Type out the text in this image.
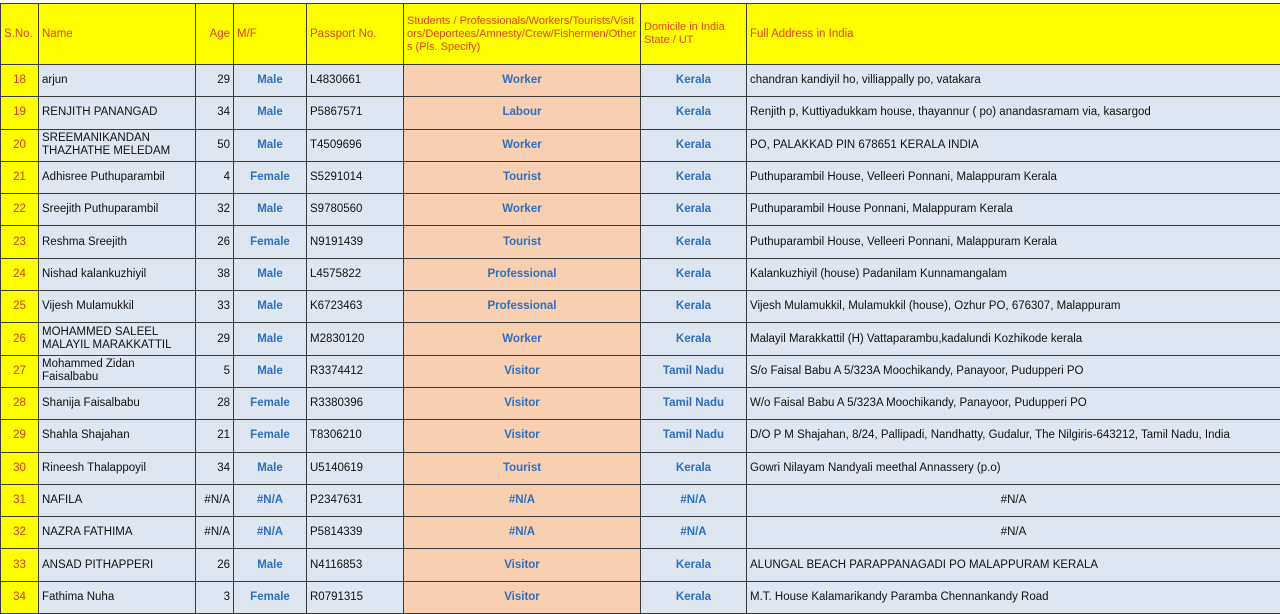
S.No.	Name	Age	M/F	Passport No.	Students / Professionals/Workers/Tourists/Visitors/Deportees/Amnesty/Crew/Fishermen/Others (Pls. Specify)	Domicile in India State / UT	Full Address in India
18	arjun	29	Male	L4830661	Worker	Kerala	chandran kandiyil ho, villiappally po, vatakara

19	RENJITH PANANGAD	34	Male	P5867571	Labour	Kerala	Renjith p, Kuttiyadukkam house, thayannur ( po) anandasramam via, kasargod

20	SREEMANIKANDAN THAZHATHE MELEDAM	50	Male	T4509696	Worker	Kerala	PO, PALAKKAD PIN 678651 KERALA INDIA

21	Adhisree Puthuparambil	4	Female	S5291014	Tourist	Kerala	Puthuparambil House, Velleeri Ponnani, Malappuram Kerala

22	Sreejith Puthuparambil	32	Male	S9780560	Worker	Kerala	Puthuparambil House Ponnani, Malappuram Kerala

23	Reshma Sreejith	26	Female	N9191439	Tourist	Kerala	Puthuparambil House, Velleeri Ponnani, Malappuram Kerala

24	Nishad kalankuzhiyil	38	Male	L4575822	Professional	Kerala	Kalankuzhiyil (house) Padanilam Kunnamangalam

25	Vijesh Mulamukkil	33	Male	K6723463	Professional	Kerala	Vijesh Mulamukkil, Mulamukkil (house), Ozhur PO, 676307, Malappuram

26	MOHAMMED SALEEL MALAYIL MARAKKATTIL	29	Male	M2830120	Worker	Kerala	Malayil Marakkattil (H) Vattaparambu,kadalundi Kozhikode kerala

27	Mohammed Zidan Faisalbabu	5	Male	R3374412	Visitor	Tamil Nadu	S/o Faisal Babu A 5/323A Moochikandy, Panayoor, Pudupperi PO

28	Shanija Faisalbabu	28	Female	R3380396	Visitor	Tamil Nadu	W/o Faisal Babu A 5/323A Moochikandy, Panayoor, Pudupperi PO

29	Shahla Shajahan	21	Female	T8306210	Visitor	Tamil Nadu	D/O P M Shajahan, 8/24, Pallipadi, Nandhatty, Gudalur, The Nilgiris-643212, Tamil Nadu, India

30	Rineesh Thalappoyil	34	Male	U5140619	Tourist	Kerala	Gowri Nilayam Nandyali meethal Annassery (p.o)

31	NAFILA	#N/A	#N/A	P2347631	#N/A	#N/A	#N/A

32	NAZRA FATHIMA	#N/A	#N/A	P5814339	#N/A	#N/A	#N/A

33	ANSAD PITHAPPERI	26	Male	N4116853	Visitor	Kerala	ALUNGAL BEACH PARAPPANAGADI PO MALAPPURAM KERALA

34	Fathima Nuha	3	Female	R0791315	Visitor	Kerala	M.T. House Kalamarikandy Paramba Chennankandy Road
